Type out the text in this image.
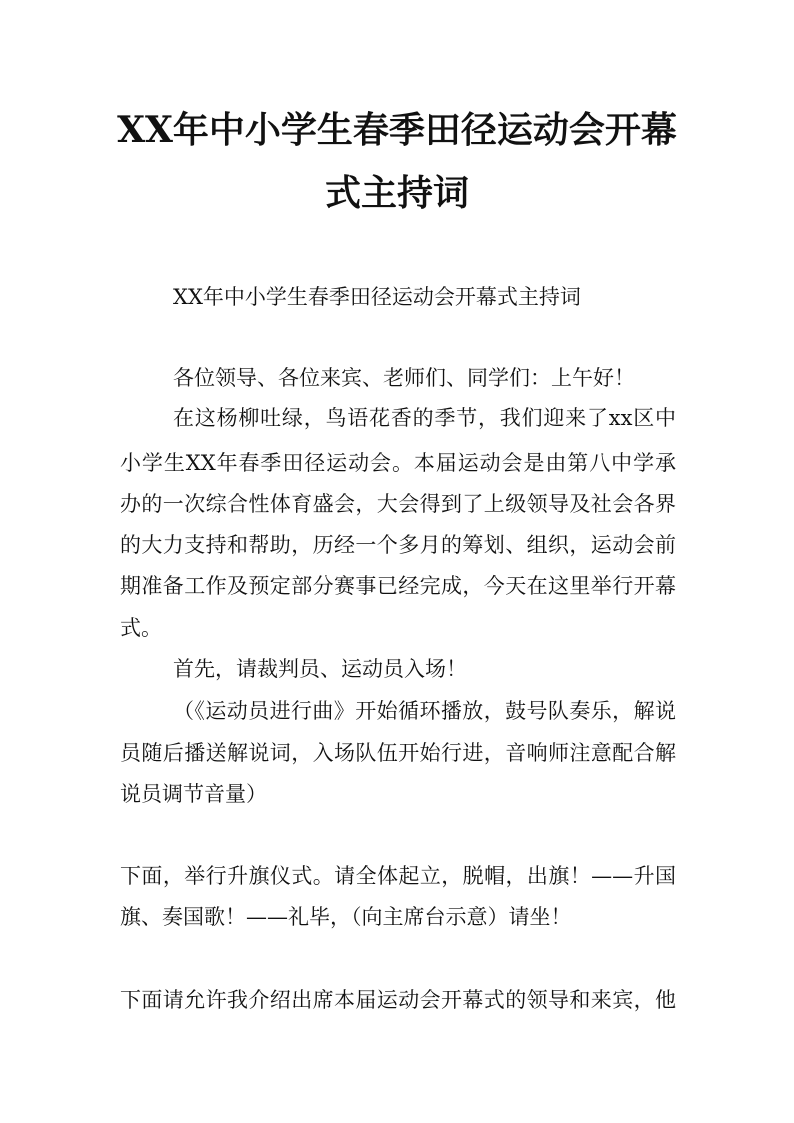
XX年中小学生春季田径运动会开幕
式主持词

XX年中小学生春季田径运动会开幕式主持词

各位领导、各位来宾、老师们、同学们：上午好！

在这杨柳吐绿，鸟语花香的季节，我们迎来了xx区中

小学生XX年春季田径运动会。本届运动会是由第八中学承

办的一次综合性体育盛会，大会得到了上级领导及社会各界

的大力支持和帮助，历经一个多月的筹划、组织，运动会前

期准备工作及预定部分赛事已经完成，今天在这里举行开幕

式。

首先，请裁判员、运动员入场！

（《运动员进行曲》开始循环播放，鼓号队奏乐，解说

员随后播送解说词，入场队伍开始行进，音响师注意配合解

说员调节音量）

下面，举行升旗仪式。请全体起立，脱帽，出旗！——升国

旗、奏国歌！——礼毕，（向主席台示意）请坐！

下面请允许我介绍出席本届运动会开幕式的领导和来宾，他
